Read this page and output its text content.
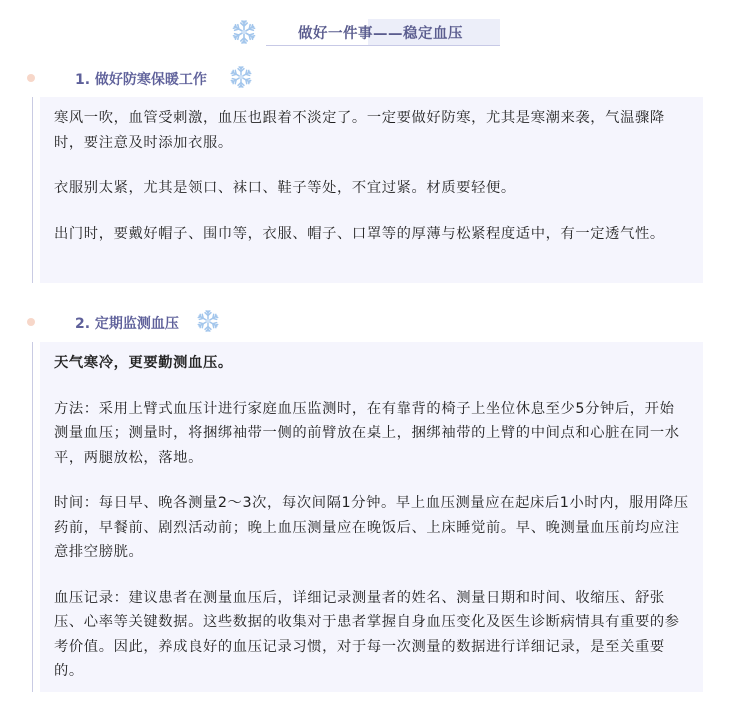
做好一件事——稳定血压
1. 做好防寒保暖工作

寒风一吹，血管受刺激，血压也跟着不淡定了。一定要做好防寒，尤其是寒潮来袭，气温骤降时，要注意及时添加衣服。

衣服别太紧，尤其是领口、袜口、鞋子等处，不宜过紧。材质要轻便。

出门时，要戴好帽子、围巾等，衣服、帽子、口罩等的厚薄与松紧程度适中，有一定透气性。

2. 定期监测血压

天气寒冷，更要勤测血压。

方法：采用上臂式血压计进行家庭血压监测时，在有靠背的椅子上坐位休息至少5分钟后，开始测量血压；测量时，将捆绑袖带一侧的前臂放在桌上，捆绑袖带的上臂的中间点和心脏在同一水平，两腿放松，落地。

时间：每日早、晚各测量2～3次，每次间隔1分钟。早上血压测量应在起床后1小时内，服用降压药前，早餐前、剧烈活动前；晚上血压测量应在晚饭后、上床睡觉前。早、晚测量血压前均应注意排空膀胱。

血压记录：建议患者在测量血压后，详细记录测量者的姓名、测量日期和时间、收缩压、舒张压、心率等关键数据。这些数据的收集对于患者掌握自身血压变化及医生诊断病情具有重要的参考价值。因此，养成良好的血压记录习惯，对于每一次测量的数据进行详细记录，是至关重要的。
